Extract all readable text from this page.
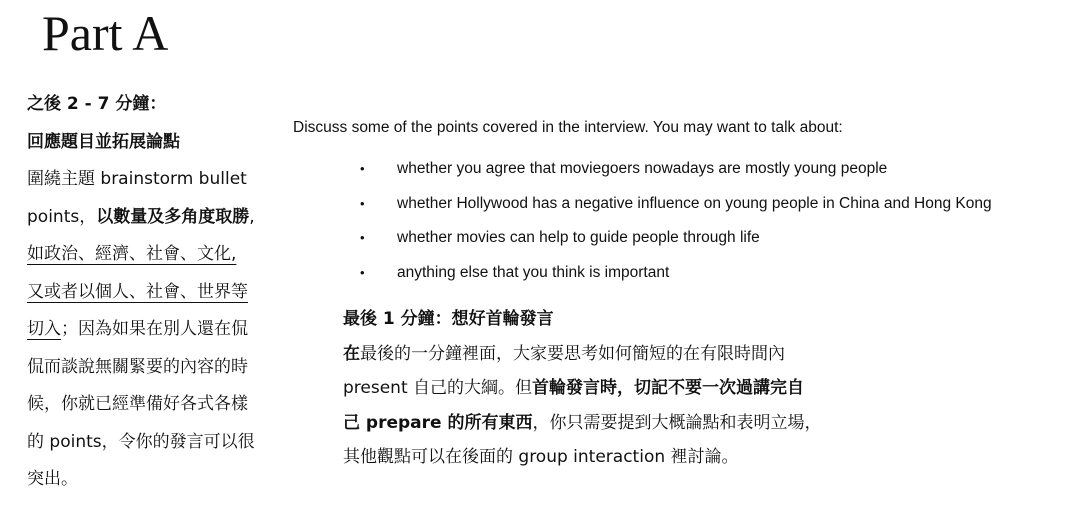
Part A
之後 2 - 7 分鐘：
回應題目並拓展論點
圍繞主題 brainstorm bullet
points，以數量及多角度取勝,
如政治、經濟、社會、文化,
又或者以個人、社會、世界等
切入；因為如果在別人還在侃
侃而談說無關緊要的內容的時
候，你就已經準備好各式各樣
的 points，令你的發言可以很
突出。
Discuss some of the points covered in the interview. You may want to talk about:
•	whether you agree that moviegoers nowadays are mostly young people
•	whether Hollywood has a negative influence on young people in China and Hong Kong
•	whether movies can help to guide people through life
•	anything else that you think is important
最後 1 分鐘：想好首輪發言
在最後的一分鐘裡面，大家要思考如何簡短的在有限時間內
present 自己的大綱。但首輪發言時，切記不要一次過講完自
己 prepare 的所有東西，你只需要提到大概論點和表明立場，
其他觀點可以在後面的 group interaction 裡討論。
